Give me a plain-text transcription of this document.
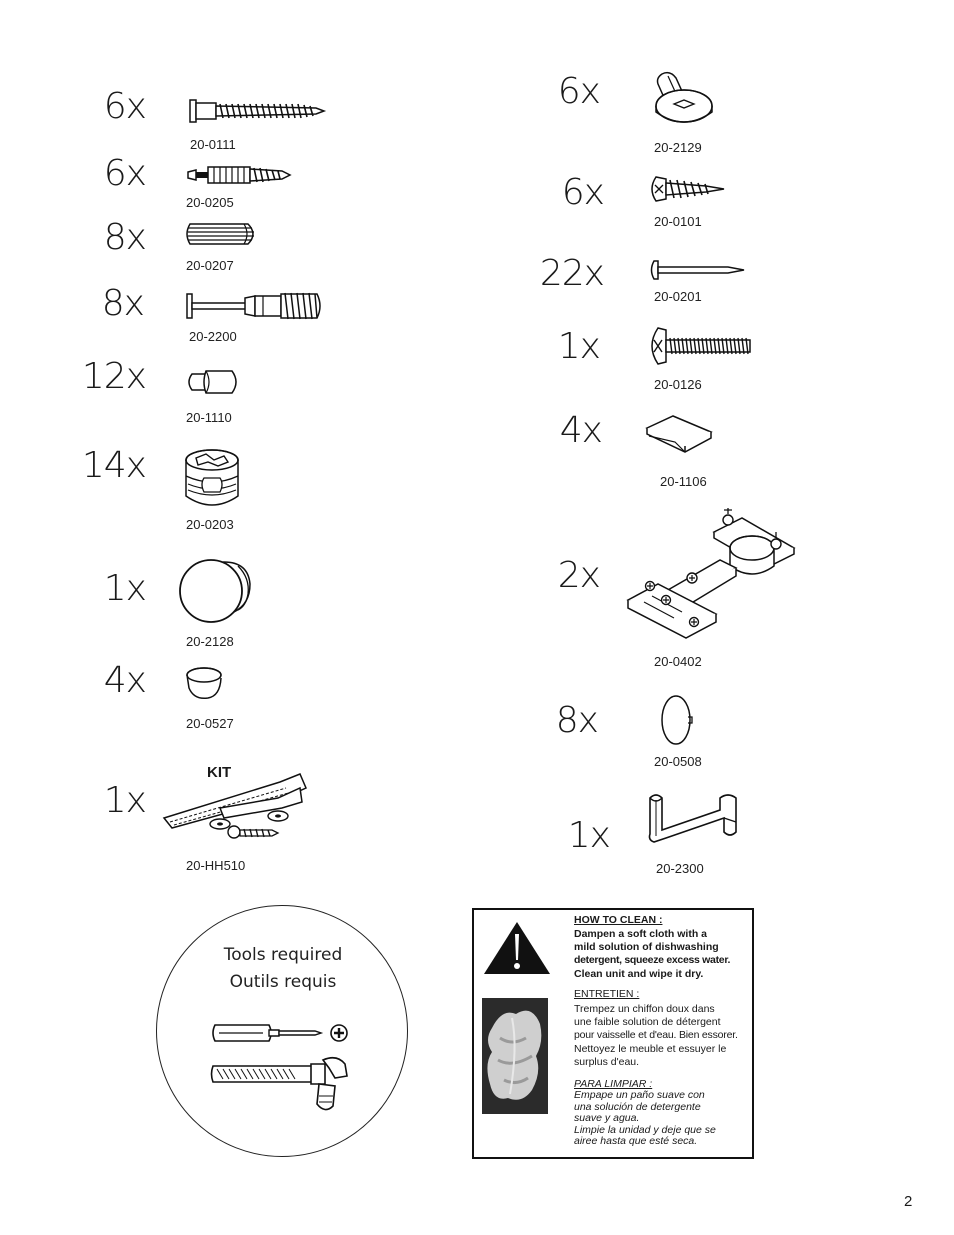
6x
20-0111
6x
20-0205
8x
20-0207
8x
20-2200
12x
20-1110
14x
20-0203
1x
20-2128
4x
20-0527
KIT
1x
20-HH510
6x
20-2129
6x
20-0101
22x
20-0201
1x
20-0126
4x
20-1106
2x
20-0402
8x
20-0508
1x
20-2300
Tools required
Outils requis
HOW TO CLEAN :
Dampen a soft cloth with a
mild solution of dishwashing
detergent, squeeze excess water.
Clean unit and wipe it dry.
ENTRETIEN :
Trempez un chiffon doux dans
une faible solution de détergent
pour vaisselle et d'eau. Bien essorer.
Nettoyez le meuble et essuyer le
surplus d'eau.
PARA LIMPIAR :
Empape un paño suave con
una solución de detergente
suave y agua.
Limpie la unidad y deje que se
airee hasta que esté seca.
2
